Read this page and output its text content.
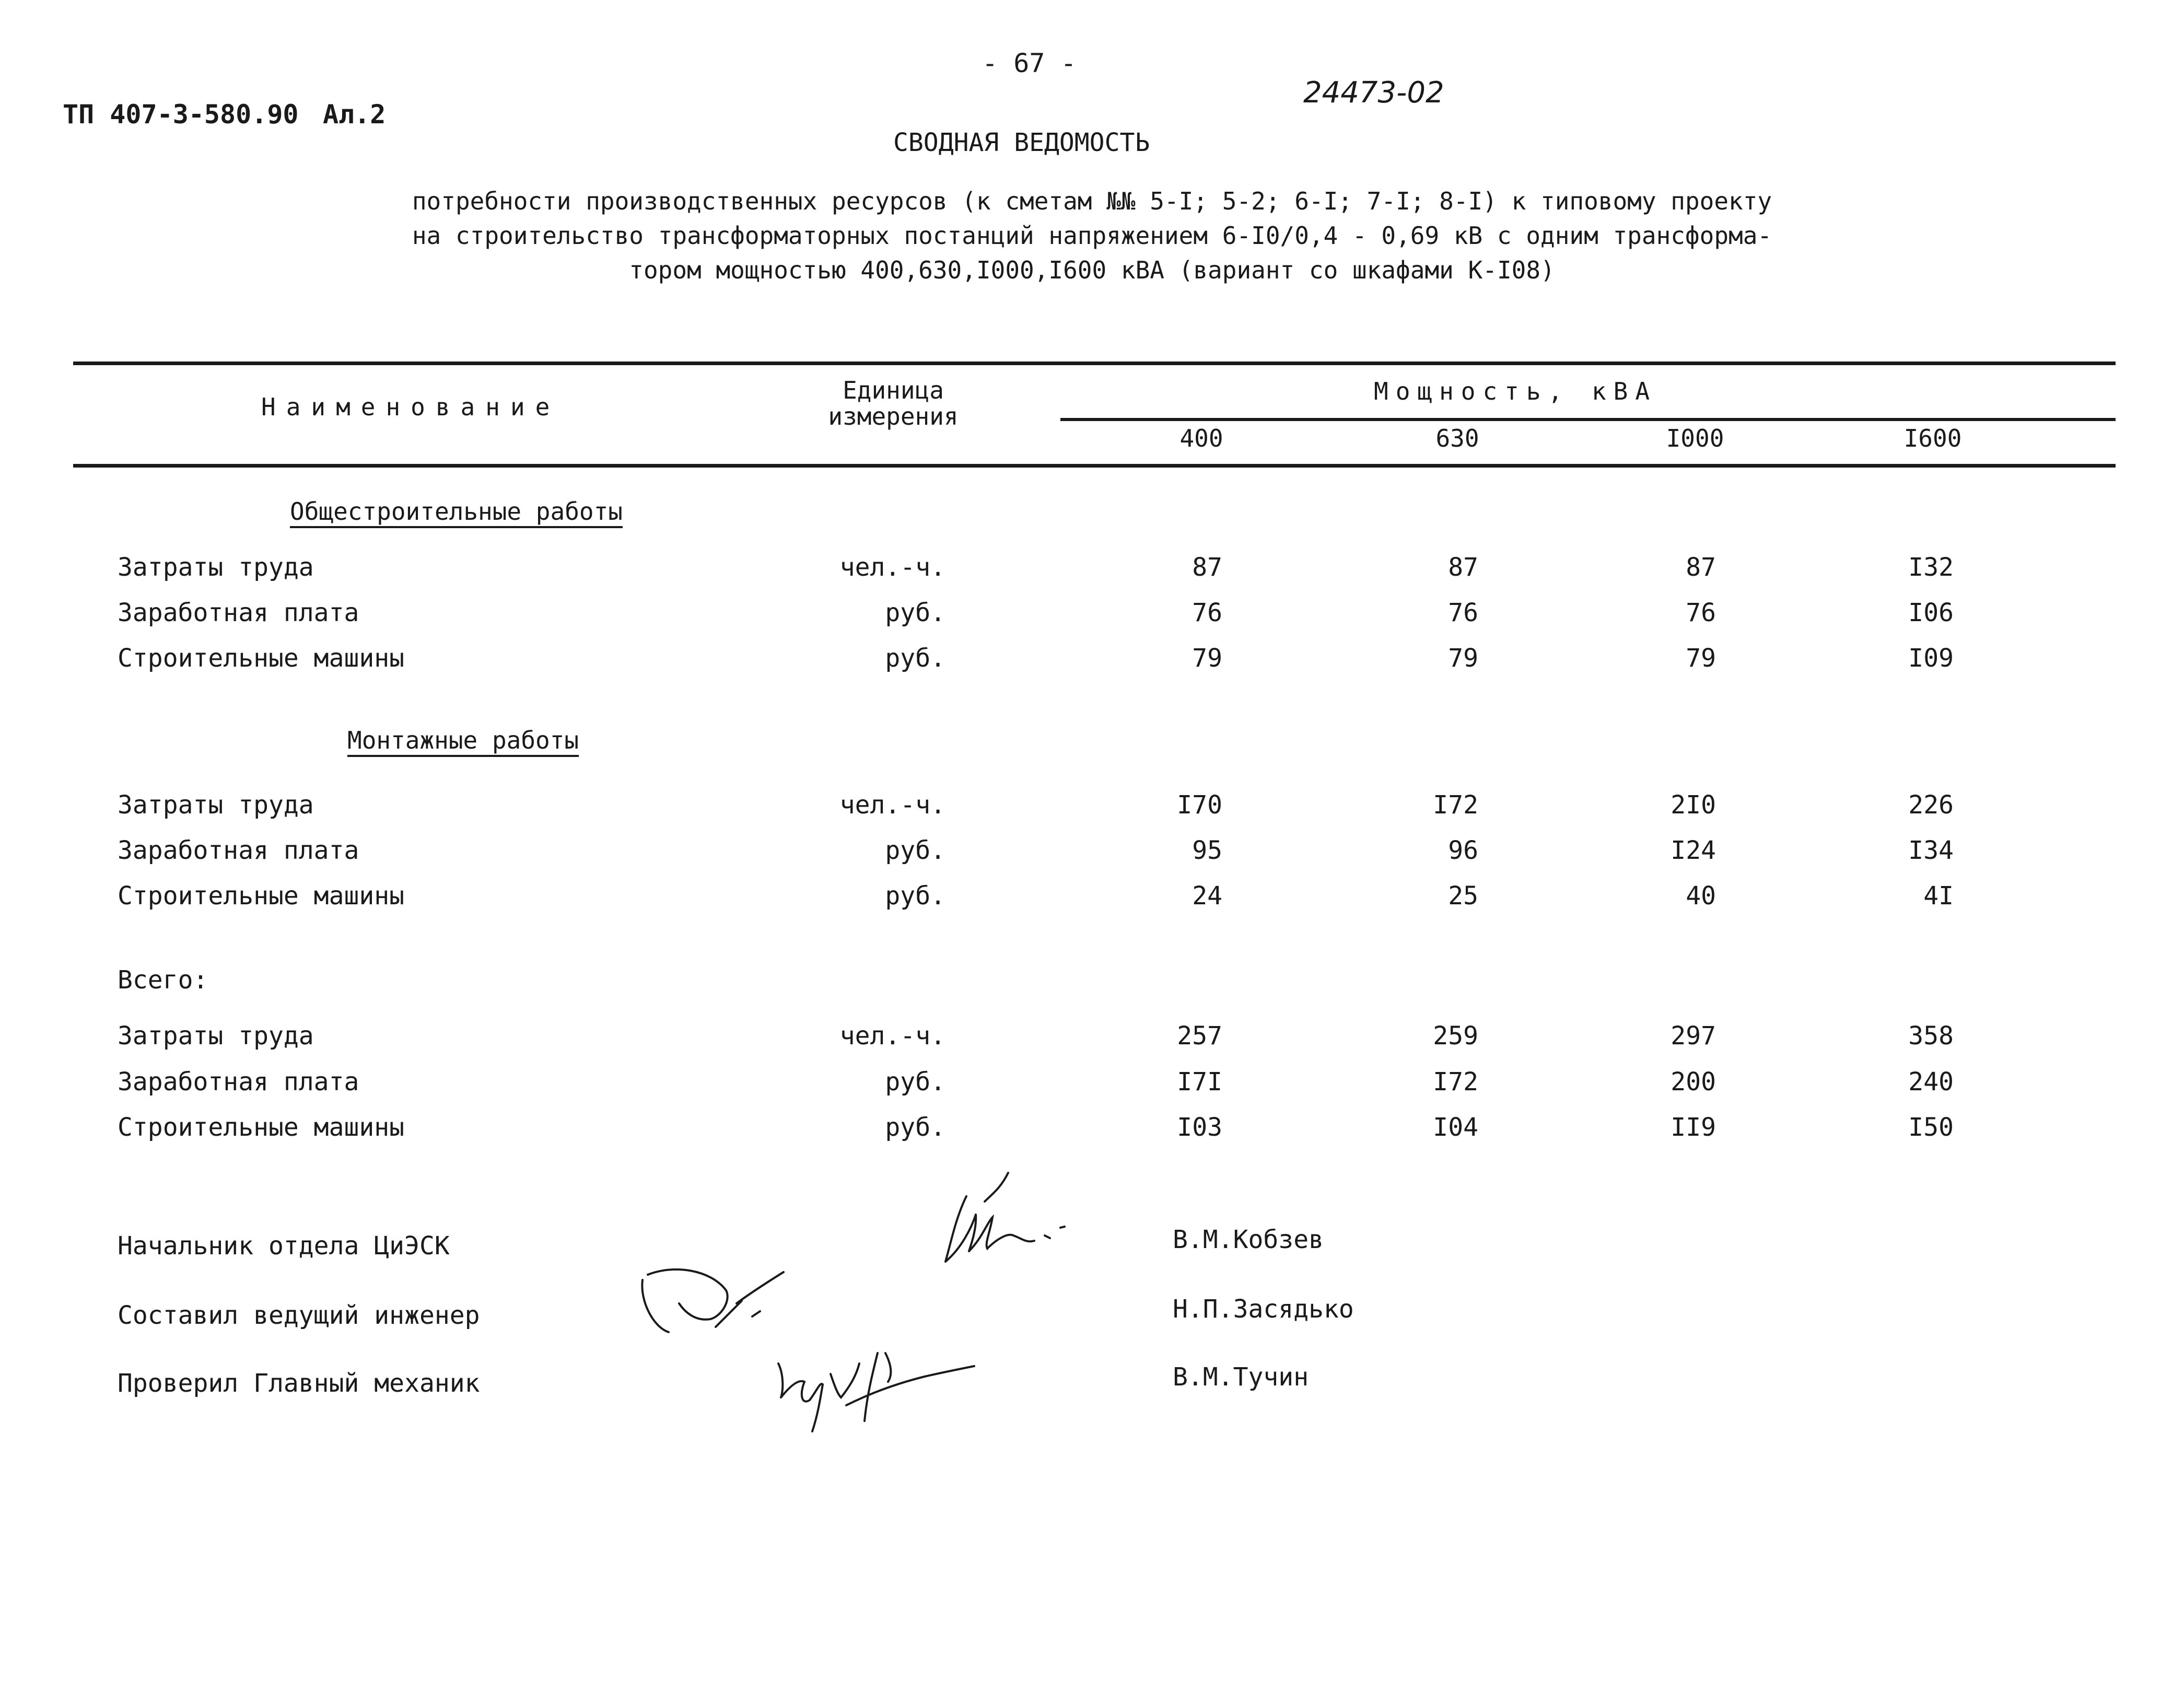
ТП 407-3-580.90 Ал.2
- 67 -
24473-02
СВОДНАЯ ВЕДОМОСТЬ
потребности производственных ресурсов (к сметам №№ 5-I; 5-2; 6-I; 7-I; 8-I) к типовому проекту
на строительство трансформаторных постанций напряжением 6-I0/0,4 - 0,69 кВ с одним трансформа-
тором мощностью 400,630,I000,I600 кВА (вариант со шкафами К-I08)
Наименование
Единица измерения
Мощность, кВА
400	630	I000	I600
Общестроительные работы
Затраты труда	чел.-ч.	87	87	87	I32
Заработная плата	руб.	76	76	76	I06
Строительные машины	руб.	79	79	79	I09
Монтажные работы
Затраты труда	чел.-ч.	I70	I72	2I0	226
Заработная плата	руб.	95	96	I24	I34
Строительные машины	руб.	24	25	40	4I
Всего:
Затраты труда	чел.-ч.	257	259	297	358
Заработная плата	руб.	I7I	I72	200	240
Строительные машины	руб.	I03	I04	II9	I50
Начальник отдела ЦиЭСК	В.М.Кобзев
Составил ведущий инженер	Н.П.Засядько
Проверил Главный механик	В.М.Тучин
